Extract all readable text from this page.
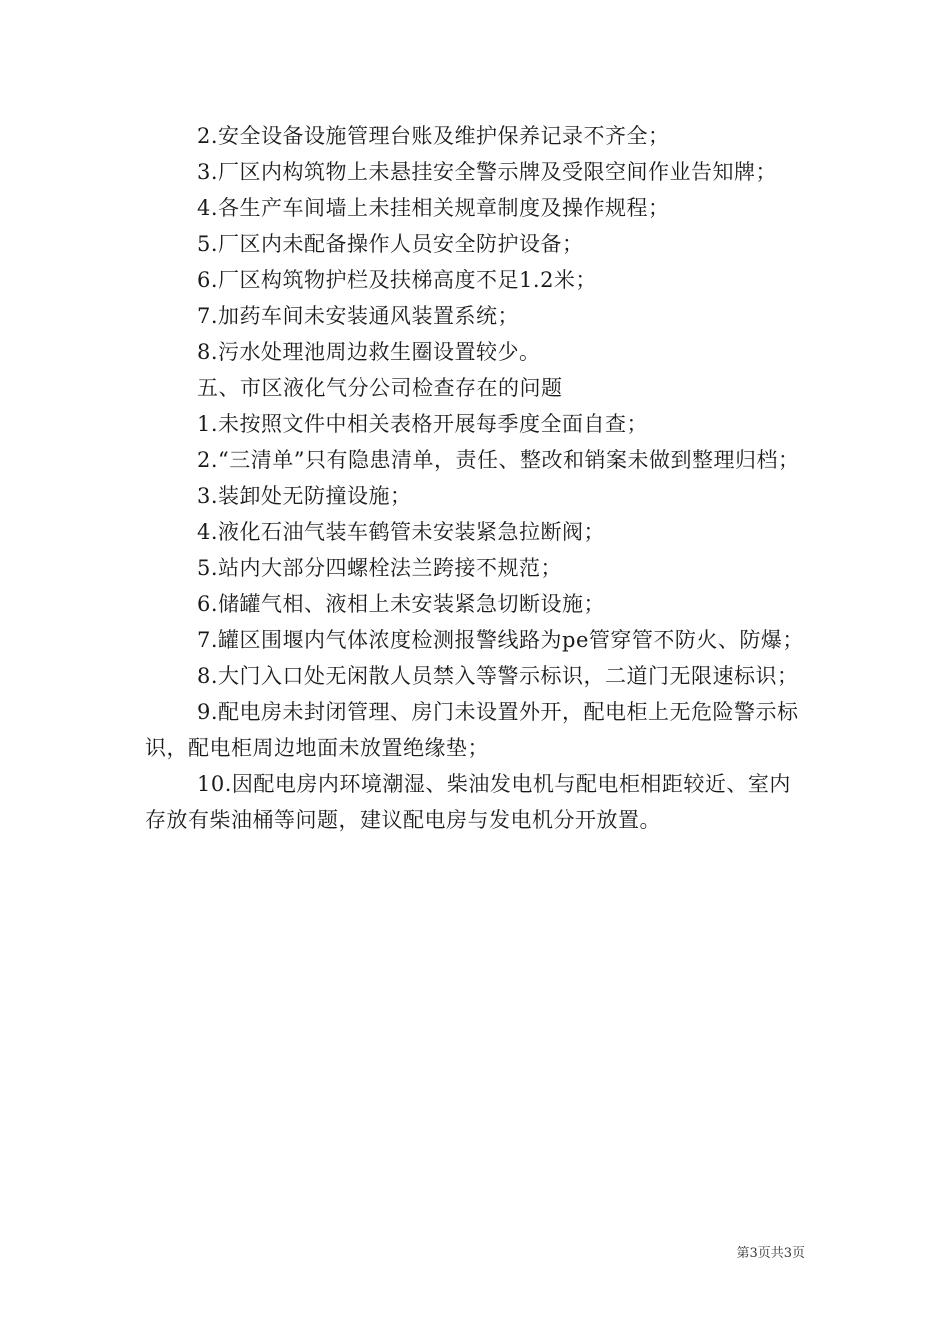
2.安全设备设施管理台账及维护保养记录不齐全；

3.厂区内构筑物上未悬挂安全警示牌及受限空间作业告知牌；

4.各生产车间墙上未挂相关规章制度及操作规程；

5.厂区内未配备操作人员安全防护设备；

6.厂区构筑物护栏及扶梯高度不足1.2米；

7.加药车间未安装通风装置系统；

8.污水处理池周边救生圈设置较少。

五、市区液化气分公司检查存在的问题

1.未按照文件中相关表格开展每季度全面自查；

2.“三清单”只有隐患清单，责任、整改和销案未做到整理归档；

3.装卸处无防撞设施；

4.液化石油气装车鹤管未安装紧急拉断阀；

5.站内大部分四螺栓法兰跨接不规范；

6.储罐气相、液相上未安装紧急切断设施；

7.罐区围堰内气体浓度检测报警线路为pe管穿管不防火、防爆；

8.大门入口处无闲散人员禁入等警示标识，二道门无限速标识；

9.配电房未封闭管理、房门未设置外开，配电柜上无危险警示标识，配电柜周边地面未放置绝缘垫；

10.因配电房内环境潮湿、柴油发电机与配电柜相距较近、室内存放有柴油桶等问题，建议配电房与发电机分开放置。

第3页共3页
